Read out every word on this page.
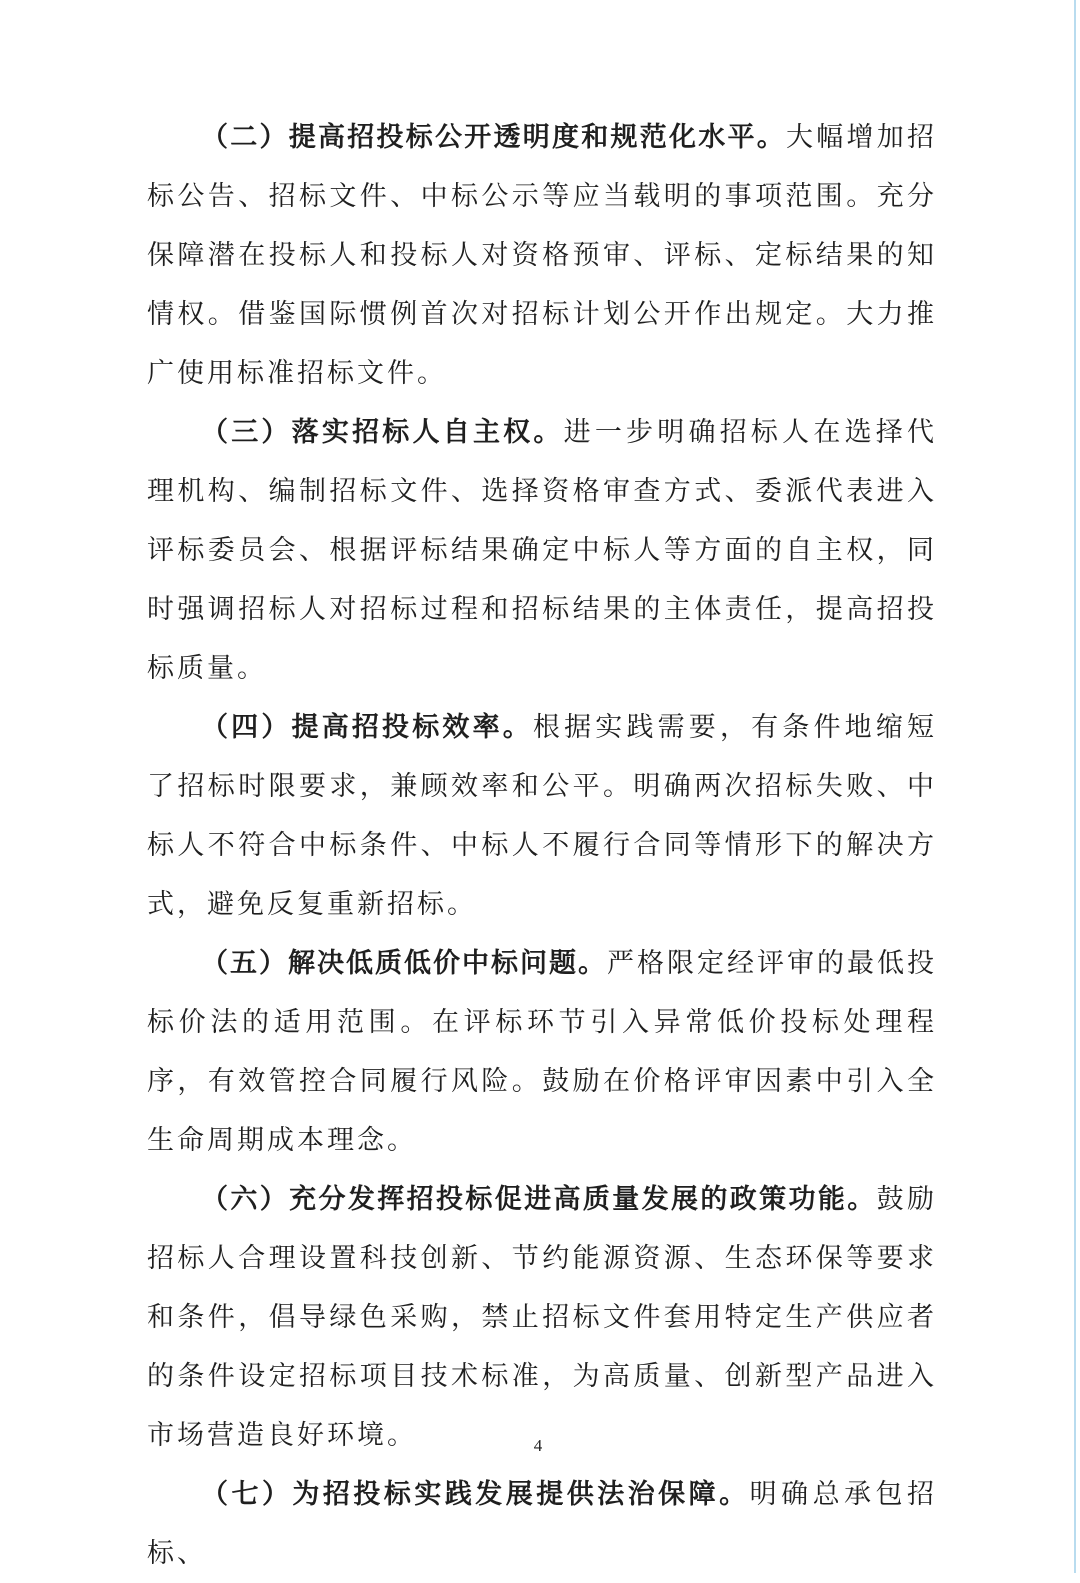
（二）提高招投标公开透明度和规范化水平。大幅增加招标公告、招标文件、中标公示等应当载明的事项范围。充分保障潜在投标人和投标人对资格预审、评标、定标结果的知情权。借鉴国际惯例首次对招标计划公开作出规定。大力推广使用标准招标文件。

（三）落实招标人自主权。进一步明确招标人在选择代理机构、编制招标文件、选择资格审查方式、委派代表进入评标委员会、根据评标结果确定中标人等方面的自主权，同时强调招标人对招标过程和招标结果的主体责任，提高招投标质量。

（四）提高招投标效率。根据实践需要，有条件地缩短了招标时限要求，兼顾效率和公平。明确两次招标失败、中标人不符合中标条件、中标人不履行合同等情形下的解决方式，避免反复重新招标。

（五）解决低质低价中标问题。严格限定经评审的最低投标价法的适用范围。在评标环节引入异常低价投标处理程序，有效管控合同履行风险。鼓励在价格评审因素中引入全生命周期成本理念。

（六）充分发挥招投标促进高质量发展的政策功能。鼓励招标人合理设置科技创新、节约能源资源、生态环保等要求和条件，倡导绿色采购，禁止招标文件套用特定生产供应者的条件设定招标项目技术标准，为高质量、创新型产品进入市场营造良好环境。

（七）为招投标实践发展提供法治保障。明确总承包招标、

4
